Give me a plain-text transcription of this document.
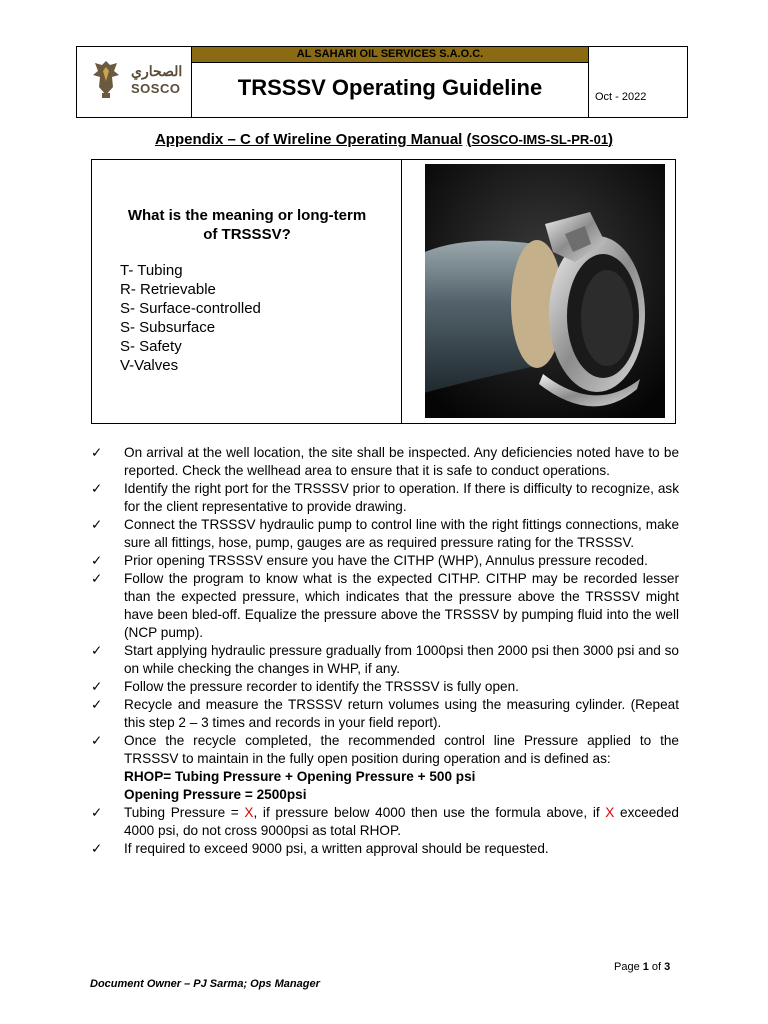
الصحاري
SOSCO
AL SAHARI OIL SERVICES S.A.O.C.
TRSSSV Operating Guideline	Oct - 2022
Appendix – C of Wireline Operating Manual (SOSCO-IMS-SL-PR-01)
What is the meaning or long-term
of TRSSSV?
T- Tubing
R- Retrievable
S- Surface-controlled
S- Subsurface
S- Safety
V-Valves
✓	On arrival at the well location, the site shall be inspected. Any deficiencies noted have to be reported. Check the wellhead area to ensure that it is safe to conduct operations.
✓	Identify the right port for the TRSSSV prior to operation. If there is difficulty to recognize, ask for the client representative to provide drawing.
✓	Connect the TRSSSV hydraulic pump to control line with the right fittings connections, make sure all fittings, hose, pump, gauges are as required pressure rating for the TRSSSV.
✓	Prior opening TRSSSV ensure you have the CITHP (WHP), Annulus pressure recoded.
✓	Follow the program to know what is the expected CITHP. CITHP may be recorded lesser than the expected pressure, which indicates that the pressure above the TRSSSV might have been bled-off. Equalize the pressure above the TRSSSV by pumping fluid into the well (NCP pump).
✓	Start applying hydraulic pressure gradually from 1000psi then 2000 psi then 3000 psi and so on while checking the changes in WHP, if any.
✓	Follow the pressure recorder to identify the TRSSSV is fully open.
✓	Recycle and measure the TRSSSV return volumes using the measuring cylinder. (Repeat this step 2 – 3 times and records in your field report).
✓	Once the recycle completed, the recommended control line Pressure applied to the TRSSSV to maintain in the fully open position during operation and is defined as:
RHOP= Tubing Pressure + Opening Pressure + 500 psi
Opening Pressure = 2500psi
✓	Tubing Pressure = X, if pressure below 4000 then use the formula above, if X exceeded 4000 psi, do not cross 9000psi as total RHOP.
✓	If required to exceed 9000 psi, a written approval should be requested.
Page 1 of 3
Document Owner – PJ Sarma; Ops Manager
